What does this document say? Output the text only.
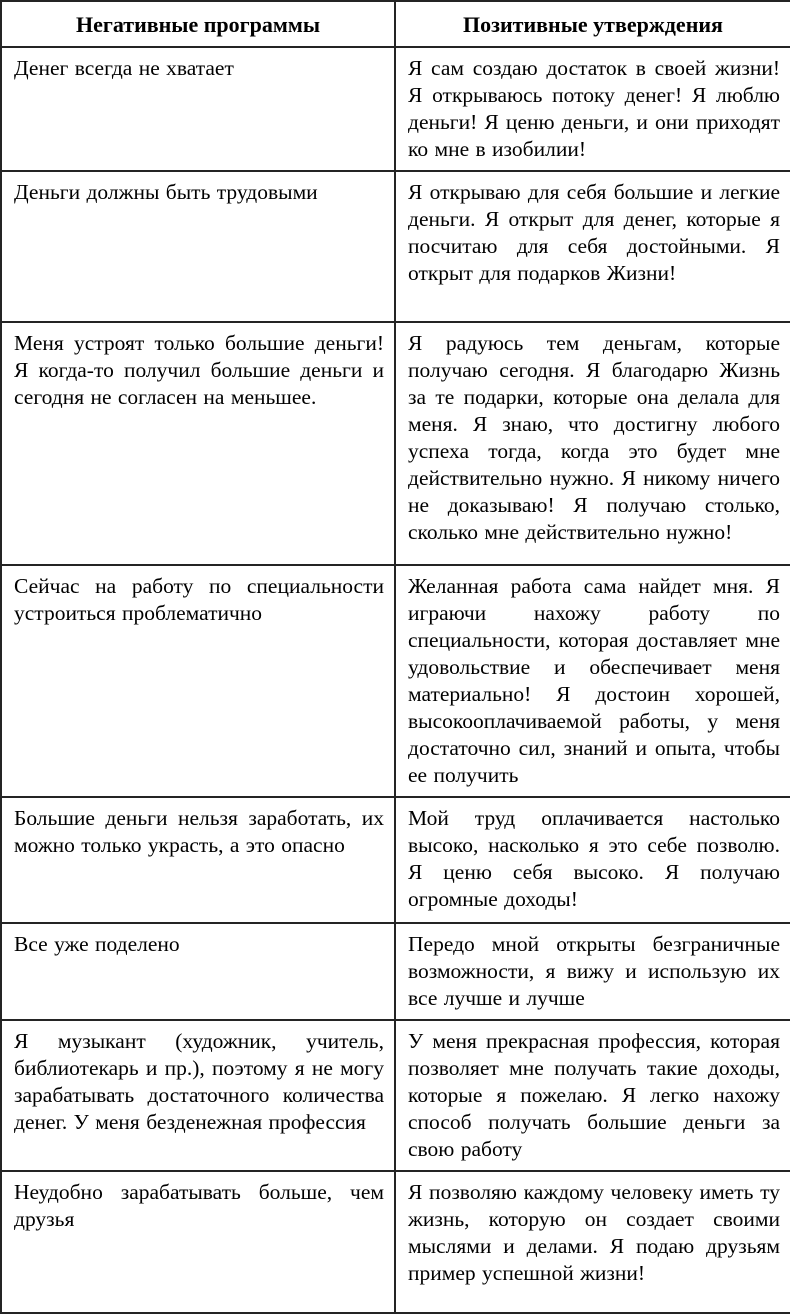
Негативные программы	Позитивные утверждения
Денег всегда не хватает	Я сам создаю достаток в своей жизни! Я открываюсь потоку денег! Я люблю деньги! Я ценю деньги, и они приходят ко мне в изобилии!
Деньги должны быть трудовыми	Я открываю для себя большие и легкие деньги. Я открыт для денег, которые я посчитаю для себя достойными. Я открыт для подарков Жизни!
Меня устроят только большие деньги! Я когда-то получил большие деньги и сегодня не согласен на меньшее.	Я радуюсь тем деньгам, которые получаю сегодня. Я благодарю Жизнь за те подарки, которые она делала для меня. Я знаю, что достигну любого успеха тогда, когда это будет мне действительно нужно. Я никому ничего не доказываю! Я получаю столько, сколько мне действительно нужно!
Сейчас на работу по специальности устроиться проблематично	Желанная работа сама найдет мня. Я играючи нахожу работу по специальности, которая доставляет мне удовольствие и обеспечивает меня материально! Я достоин хорошей, высокооплачиваемой работы, у меня достаточно сил, знаний и опыта, чтобы ее получить
Большие деньги нельзя заработать, их можно только украсть, а это опасно	Мой труд оплачивается настолько высоко, насколько я это себе позволю. Я ценю себя высоко. Я получаю огромные доходы!
Все уже поделено	Передо мной открыты безграничные возможности, я вижу и использую их все лучше и лучше
Я музыкант (художник, учитель, библиотекарь и пр.), поэтому я не могу зарабатывать достаточного количества денег. У меня безденежная профессия	У меня прекрасная профессия, которая позволяет мне получать такие доходы, которые я пожелаю. Я легко нахожу способ получать большие деньги за свою работу
Неудобно зарабатывать больше, чем друзья	Я позволяю каждому человеку иметь ту жизнь, которую он создает своими мыслями и делами. Я подаю друзьям пример успешной жизни!
